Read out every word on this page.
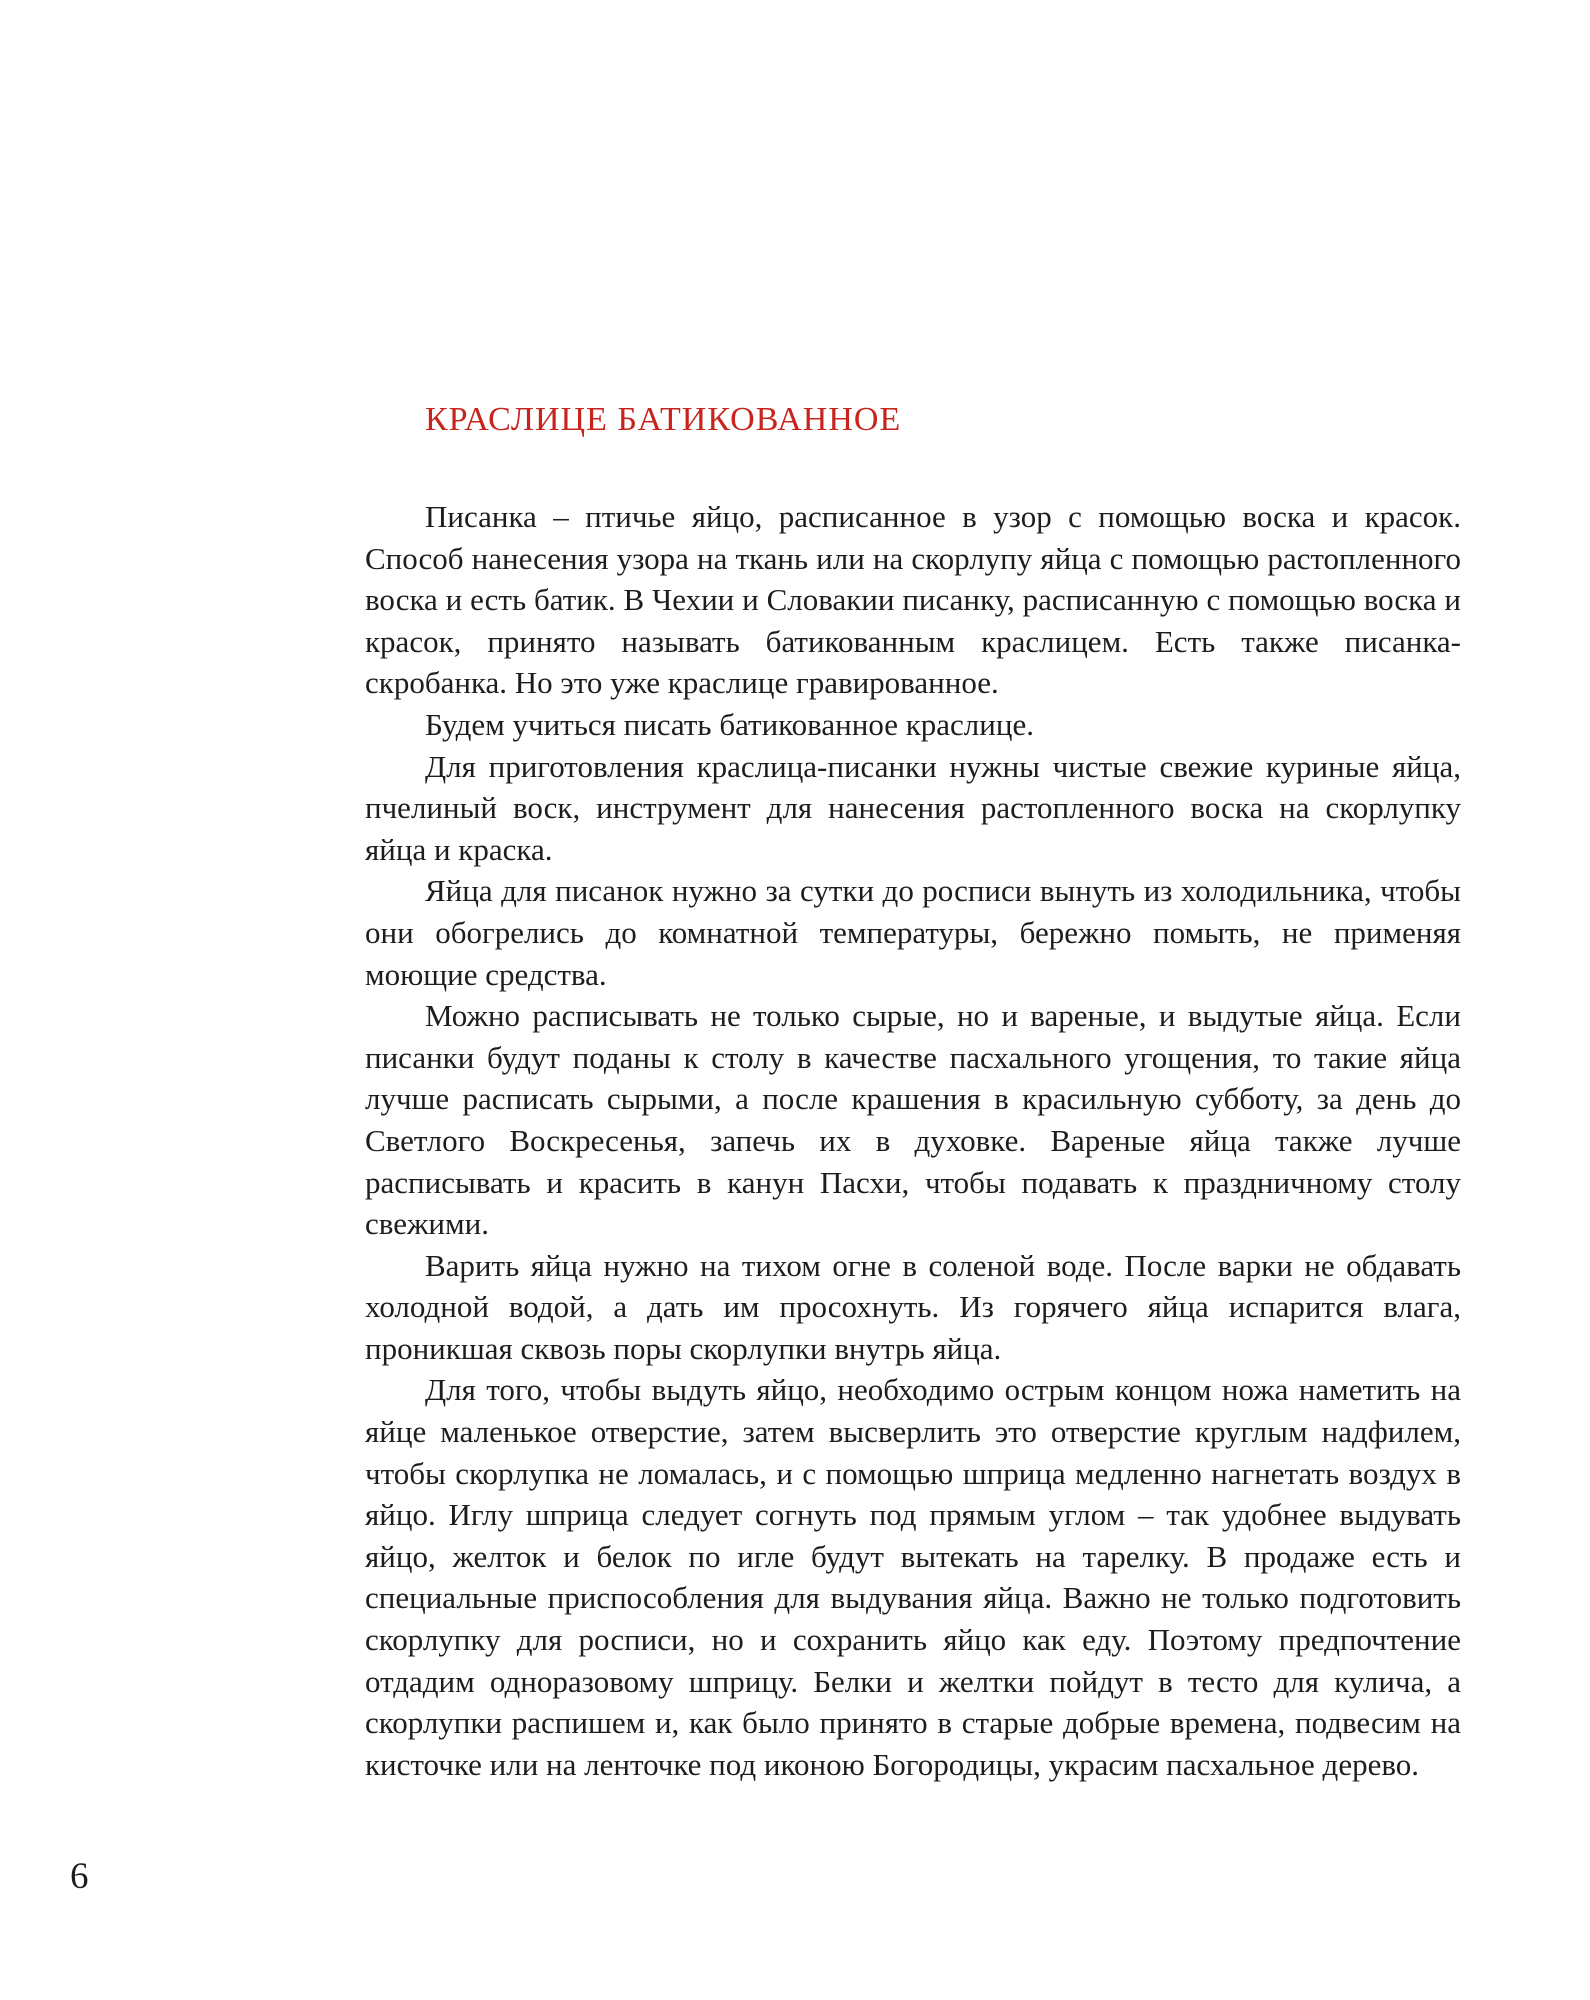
КРАСЛИЦЕ БАТИКОВАННОЕ

Писанка – птичье яйцо, расписанное в узор с помощью воска и красок. Способ нанесения узора на ткань или на скорлупу яйца с помощью растопленного воска и есть батик. В Чехии и Словакии писанку, расписанную с помощью воска и красок, принято называть батикованным краслицем. Есть также писанка-скробанка. Но это уже краслице гравированное.

Будем учиться писать батикованное краслице.

Для приготовления краслица-писанки нужны чистые свежие куриные яйца, пчелиный воск, инструмент для нанесения растопленного воска на скорлупку яйца и краска.

Яйца для писанок нужно за сутки до росписи вынуть из холодильника, чтобы они обогрелись до комнатной температуры, бережно помыть, не применяя моющие средства.

Можно расписывать не только сырые, но и вареные, и выдутые яйца. Если писанки будут поданы к столу в качестве пасхального угощения, то такие яйца лучше расписать сырыми, а после крашения в красильную субботу, за день до Светлого Воскресенья, запечь их в духовке. Вареные яйца также лучше расписывать и красить в канун Пасхи, чтобы подавать к праздничному столу свежими.

Варить яйца нужно на тихом огне в соленой воде. После варки не обдавать холодной водой, а дать им просохнуть. Из горячего яйца испарится влага, проникшая сквозь поры скорлупки внутрь яйца.

Для того, чтобы выдуть яйцо, необходимо острым концом ножа наметить на яйце маленькое отверстие, затем высверлить это отверстие круглым надфилем, чтобы скорлупка не ломалась, и с помощью шприца медленно нагнетать воздух в яйцо. Иглу шприца следует согнуть под прямым углом – так удобнее выдувать яйцо, желток и белок по игле будут вытекать на тарелку. В продаже есть и специальные приспособления для выдувания яйца. Важно не только подготовить скорлупку для росписи, но и сохранить яйцо как еду. Поэтому предпочтение отдадим одноразовому шприцу. Белки и желтки пойдут в тесто для кулича, а скорлупки распишем и, как было принято в старые добрые времена, подвесим на кисточке или на ленточке под иконою Богородицы, украсим пасхальное дерево.

6
